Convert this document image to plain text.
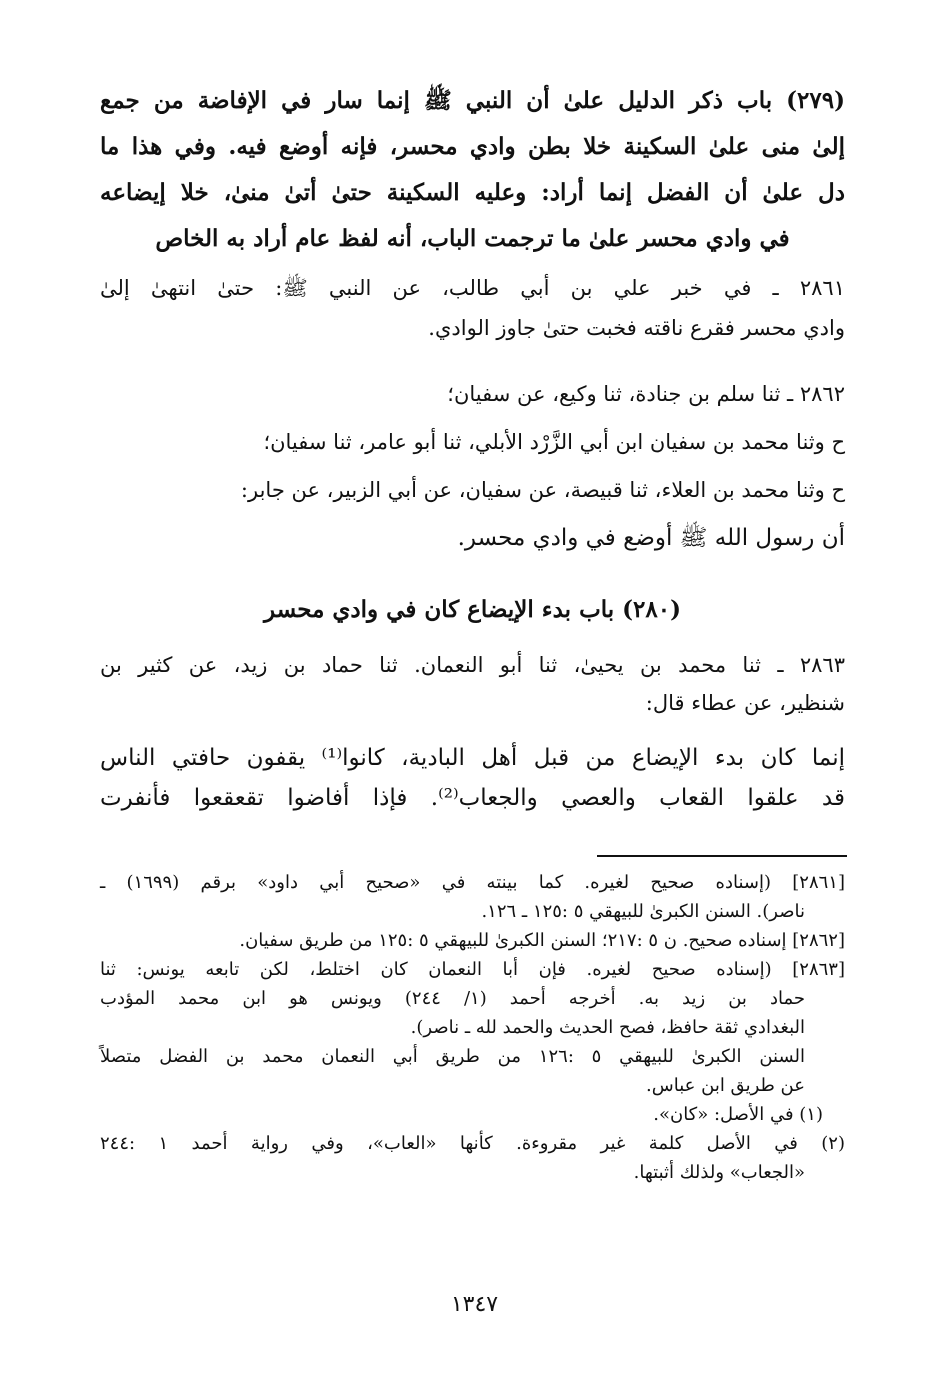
(٢٧٩) باب ذكر الدليل علىٰ أن النبي ﷺ إنما سار في الإفاضة من جمع

إلىٰ منى علىٰ السكينة خلا بطن وادي محسر، فإنه أوضع فيه. وفي هذا ما

دل علىٰ أن الفضل إنما أراد: وعليه السكينة حتىٰ أتىٰ منىٰ، خلا إيضاعه

في وادي محسر علىٰ ما ترجمت الباب، أنه لفظ عام أراد به الخاص

٢٨٦١ ـ في خبر علي بن أبي طالب، عن النبي ﷺ: حتىٰ انتهىٰ إلىٰ

وادي محسر فقرع ناقته فخبت حتىٰ جاوز الوادي.

٢٨٦٢ ـ ثنا سلم بن جنادة، ثنا وكيع، عن سفيان؛

ح وثنا محمد بن سفيان ابن أبي الزَّرْد الأبلي، ثنا أبو عامر، ثنا سفيان؛

ح وثنا محمد بن العلاء، ثنا قبيصة، عن سفيان، عن أبي الزبير، عن جابر:

أن رسول الله ﷺ أوضع في وادي محسر.

(٢٨٠) باب بدء الإيضاع كان في وادي محسر

٢٨٦٣ ـ ثنا محمد بن يحيىٰ، ثنا أبو النعمان. ثنا حماد بن زيد، عن كثير بن

شنظير، عن عطاء قال:

إنما كان بدء الإيضاع من قبل أهل البادية، كانوا⁽¹⁾ يقفون حافتي الناس

قد علقوا القعاب والعصي والجعاب⁽²⁾. فإذا أفاضوا تقعقعوا فأنفرت

[٢٨٦١] (إسناده صحيح لغيره. كما بينته في «صحيح أبي داود» برقم (١٦٩٩) ـ

ناصر). السنن الكبرىٰ للبيهقي ٥ :١٢٥ ـ ١٢٦.

[٢٨٦٢] إسناده صحيح. ن ٥ :٢١٧؛ السنن الكبرىٰ للبيهقي ٥ :١٢٥ من طريق سفيان.

[٢٨٦٣] (إسناده صحيح لغيره. فإن أبا النعمان كان اختلط، لكن تابعه يونس: ثنا

حماد بن زيد به. أخرجه أحمد (١/ ٢٤٤) ويونس هو ابن محمد المؤدب

البغدادي ثقة حافظ، فصح الحديث والحمد لله ـ ناصر).

السنن الكبرىٰ للبيهقي ٥ :١٢٦ من طريق أبي النعمان محمد بن الفضل متصلاً

عن طريق ابن عباس.

(١) في الأصل: «كان».

(٢) في الأصل كلمة غير مقروءة. كأنها «العاب»، وفي رواية أحمد ١ :٢٤٤

«الجعاب» ولذلك أثبتها.

١٣٤٧
